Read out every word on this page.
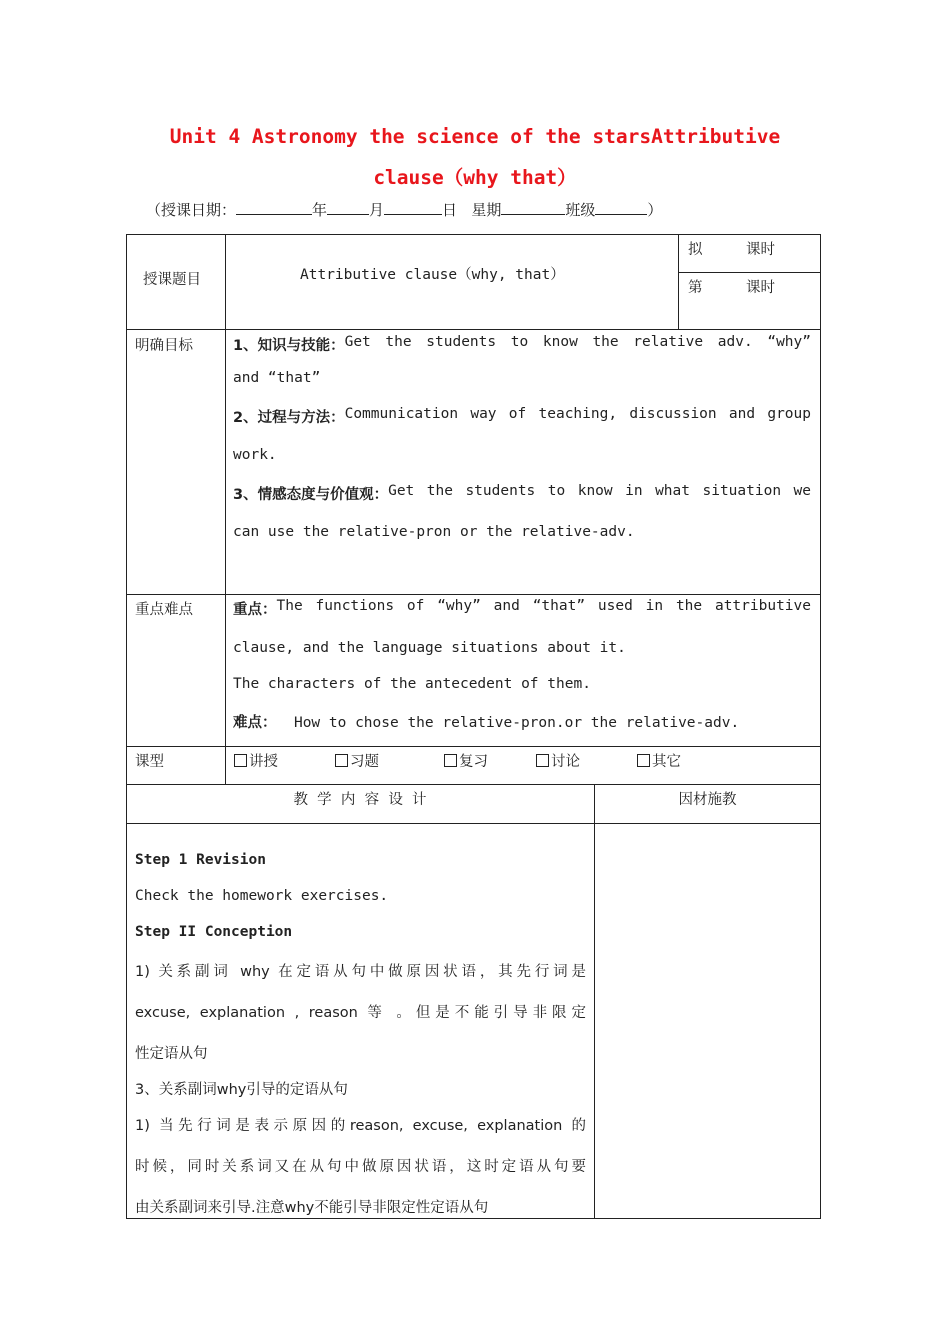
Unit 4 Astronomy the science of the starsAttributive
clause（why that）
（授课日期：	年	月	日 星期	班级	）
授课题目	Attributive clause（why, that）
拟	课时
第	课时
明确目标	1、知识与技能： Get the students to know the relative adv. “why”
and “that”
2、过程与方法： Communication way of teaching, discussion and group
work.
3、情感态度与价值观： Get the students to know in what situation we
can use the relative-pron or the relative-adv.
重点难点	重点： The functions of “why” and “that” used in the attributive
clause, and the language situations about it.
The characters of the antecedent of them.
难点： How to chose the relative-pron.or the relative-adv.
课型	讲授	习题	复习	讨论	其它
教  学  内  容  设  计	因材施教
Step 1 Revision
Check the homework exercises.
Step II Conception
1) 关系副词 why 在定语从句中做原因状语，其先行词是
excuse, explanation , reason 等 。但是不能引导非限定
性定语从句
3、关系副词why引导的定语从句
1) 当先行词是表示原因的reason, excuse, explanation 的
时候，同时关系词又在从句中做原因状语，这时定语从句要
由关系副词来引导.注意why不能引导非限定性定语从句
